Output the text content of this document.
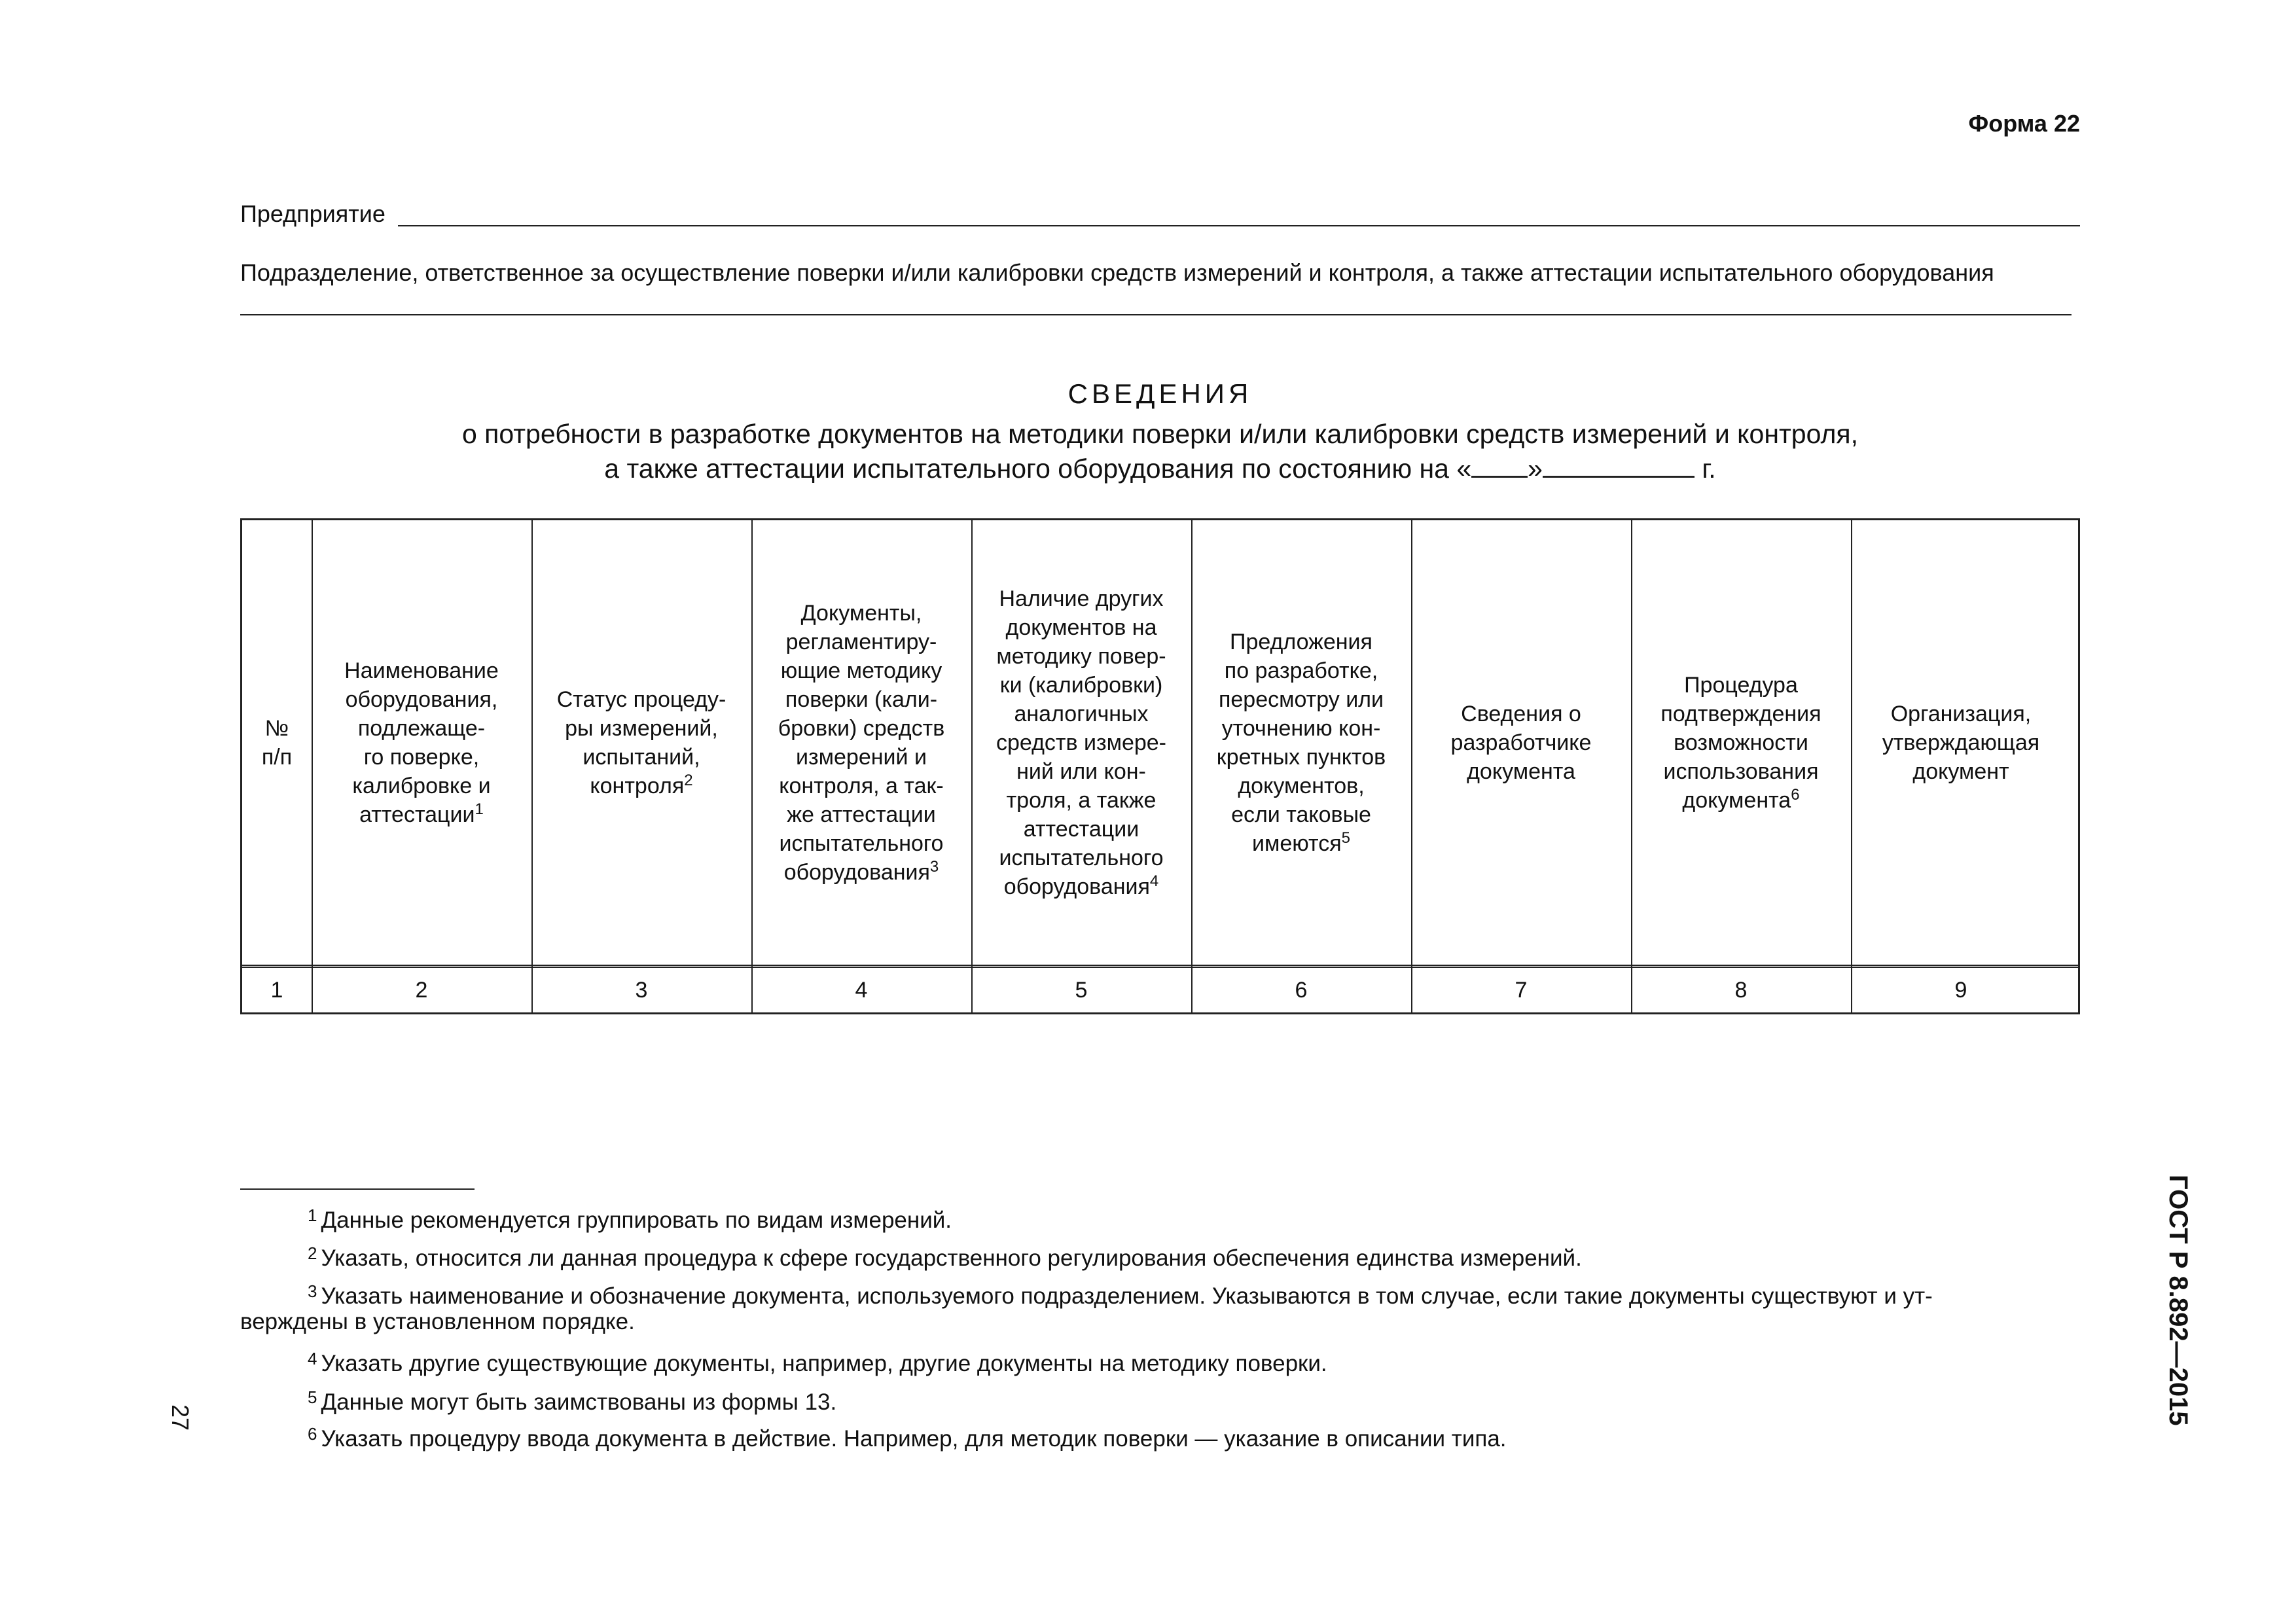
Форма 22
Предприятие
Подразделение, ответственное за осуществление поверки и/или калибровки средств измерений и контроля, а также аттестации испытательного оборудования
СВЕДЕНИЯ
о потребности в разработке документов на методики поверки и/или калибровки средств измерений и контроля,
а также аттестации испытательного оборудования по состоянию на « »	г.
№
п/п
1
Наименование
оборудования,
подлежаще-
го поверке,
калибровке и
аттестации$^1$
2
Статус процеду-
ры измерений,
испытаний,
контроля$^2$
3
Документы,
регламентиру-
ющие методику
поверки (кали-
бровки) средств
измерений и
контроля, а так-
же аттестации
испытательного
оборудования$^3$
4
Наличие других
документов на
методику повер-
ки (калибровки)
аналогичных
средств измере-
ний или кон-
троля, а также
аттестации
испытательного
оборудования$^4$
5
Предложения
по разработке,
пересмотру или
уточнению кон-
кретных пунктов
документов,
если таковые
имеются$^5$
6
Сведения о
разработчике
документа
7
Процедура
подтверждения
возможности
использования
документа$^6$
8
Организация,
утверждающая
документ
9
$^1$ Данные рекомендуется группировать по видам измерений.
$^2$ Указать, относится ли данная процедура к сфере государственного регулирования обеспечения единства измерений.
$^3$ Указать наименование и обозначение документа, используемого подразделением. Указываются в том случае, если такие документы существуют и ут-
верждены в установленном порядке.
$^4$ Указать другие существующие документы, например, другие документы на методику поверки.
$^5$ Данные могут быть заимствованы из формы 13.
$^6$ Указать процедуру ввода документа в действие. Например, для методик поверки — указание в описании типа.
27	ГОСТ Р 8.892—2015
